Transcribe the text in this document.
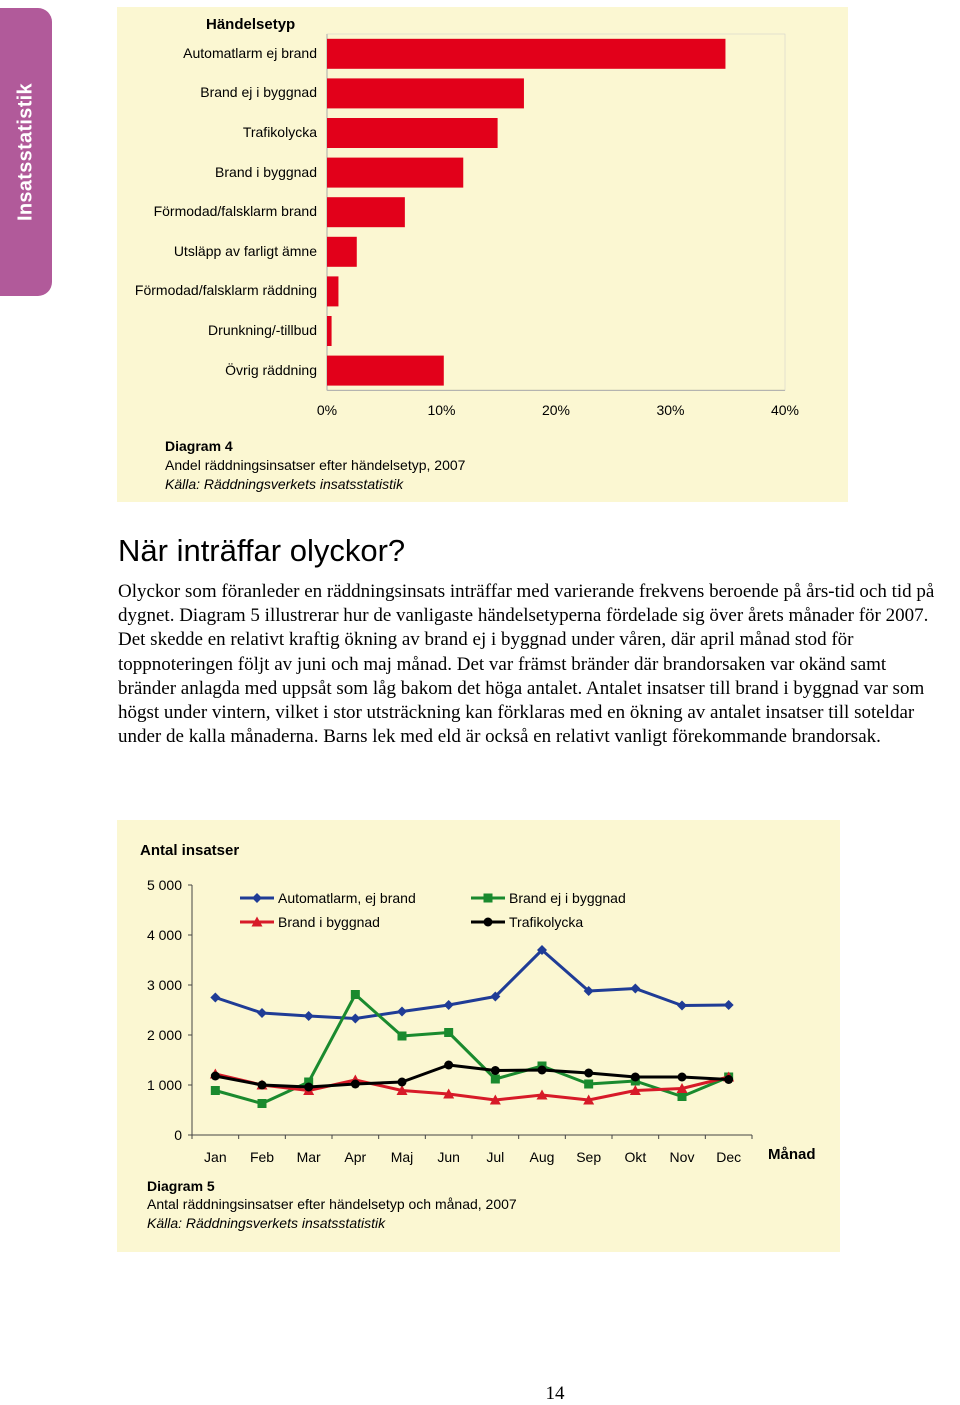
Insatsstatistik
Händelsetyp
Automatlarm ej brand
Brand ej i byggnad
Trafikolycka
Brand i byggnad
Förmodad/falsklarm brand
Utsläpp av farligt ämne
Förmodad/falsklarm räddning
Drunkning/-tillbud
Övrig räddning
0%	10%	20%	30%	40%
Diagram 4
Andel räddningsinsatser efter händelsetyp, 2007
Källa: Räddningsverkets insatsstatistik
När inträffar olyckor?
Olyckor som föranleder en räddningsinsats inträffar med varierande frekvens beroende på års-tid och tid på dygnet. Diagram 5 illustrerar hur de vanligaste händelsetyperna fördelade sig över årets månader för 2007. Det skedde en relativt kraftig ökning av brand ej i byggnad under våren, där april månad stod för toppnoteringen följt av juni och maj månad. Det var främst bränder där brandorsaken var okänd samt bränder anlagda med uppsåt som låg bakom det höga antalet. Antalet insatser till brand i byggnad var som högst under vintern, vilket i stor utsträckning kan förklaras med en ökning av antalet insatser till soteldar under de kalla månaderna. Barns lek med eld är också en relativt vanligt förekommande brandorsak.
Antal insatser
0
1 000
2 000
3 000
4 000
5 000
Jan Feb Mar Apr Maj Jun Jul Aug Sep Okt Nov Dec
Automatlarm, ej brand	Brand ej i byggnad
Brand i byggnad	Trafikolycka
Månad
Diagram 5
Antal räddningsinsatser efter händelsetyp och månad, 2007
Källa: Räddningsverkets insatsstatistik
14
